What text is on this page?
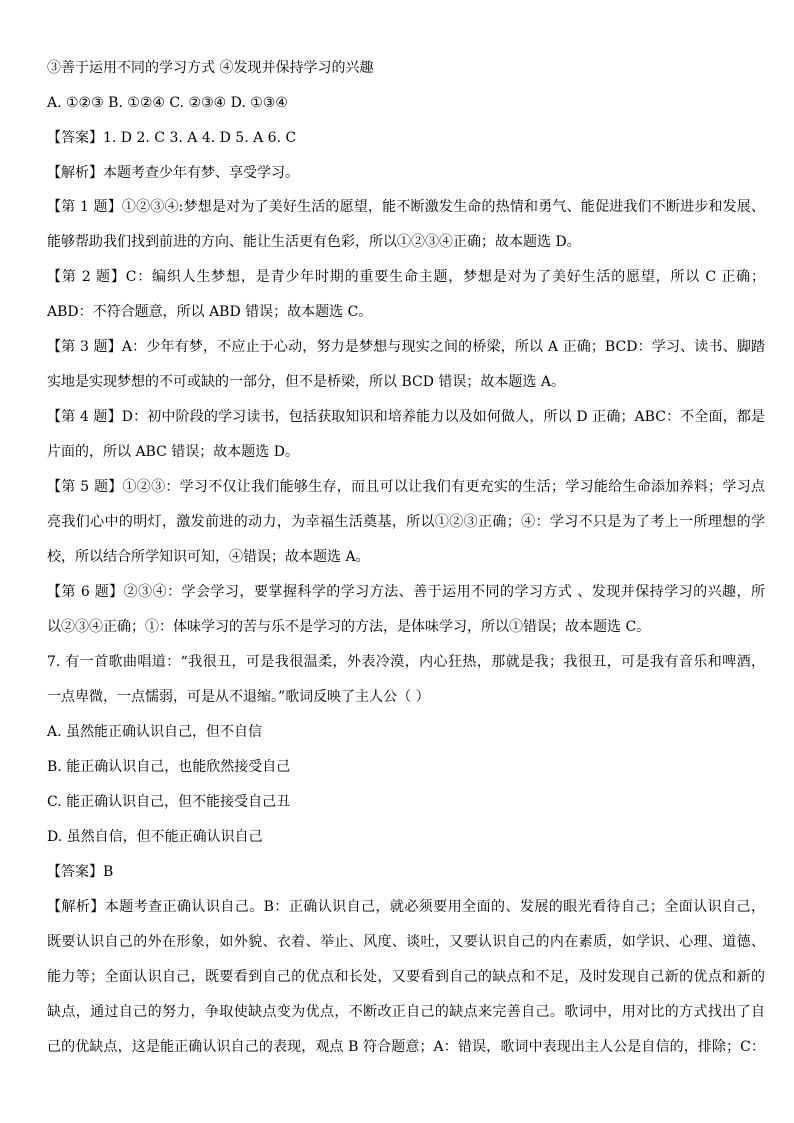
③善于运用不同的学习方式 ④发现并保持学习的兴趣
A. ①②③ B. ①②④ C. ②③④ D. ①③④
【答案】1. D 2. C 3. A 4. D 5. A 6. C
【解析】本题考查少年有梦、享受学习。
【第 1 题】①②③④:梦想是对为了美好生活的愿望，能不断激发生命的热情和勇气、能促进我们不断进步和发展、
能够帮助我们找到前进的方向、能让生活更有色彩，所以①②③④正确；故本题选 D。
【第 2 题】C：编织人生梦想，是青少年时期的重要生命主题，梦想是对为了美好生活的愿望，所以 C 正确；
ABD：不符合题意，所以 ABD 错误；故本题选 C。
【第 3 题】A：少年有梦，不应止于心动，努力是梦想与现实之间的桥梁，所以 A 正确；BCD：学习、读书、脚踏
实地是实现梦想的不可或缺的一部分，但不是桥梁，所以 BCD 错误；故本题选 A。
【第 4 题】D：初中阶段的学习读书，包括获取知识和培养能力以及如何做人，所以 D 正确；ABC：不全面，都是
片面的，所以 ABC 错误；故本题选 D。
【第 5 题】①②③：学习不仅让我们能够生存，而且可以让我们有更充实的生活；学习能给生命添加养料；学习点
亮我们心中的明灯，激发前进的动力，为幸福生活奠基，所以①②③正确；④：学习不只是为了考上一所理想的学
校，所以结合所学知识可知，④错误；故本题选 A。
【第 6 题】②③④：学会学习，要掌握科学的学习方法、善于运用不同的学习方式 、发现并保持学习的兴趣，所
以②③④正确；①：体味学习的苦与乐不是学习的方法，是体味学习，所以①错误；故本题选 C。
7. 有一首歌曲唱道：“我很丑，可是我很温柔，外表冷漠，内心狂热，那就是我；我很丑，可是我有音乐和啤酒，
一点卑微，一点懦弱，可是从不退缩。”歌词反映了主人公（ ）
A. 虽然能正确认识自己，但不自信
B. 能正确认识自己，也能欣然接受自己
C. 能正确认识自己，但不能接受自己丑
D. 虽然自信，但不能正确认识自己
【答案】B
【解析】本题考查正确认识自己。B：正确认识自己，就必须要用全面的、发展的眼光看待自己；全面认识自己，
既要认识自己的外在形象，如外貌、衣着、举止、风度、谈吐，又要认识自己的内在素质，如学识、心理、道德、
能力等；全面认识自己，既要看到自己的优点和长处，又要看到自己的缺点和不足，及时发现自己新的优点和新的
缺点，通过自己的努力，争取使缺点变为优点，不断改正自己的缺点来完善自己。歌词中，用对比的方式找出了自
己的优缺点，这是能正确认识自己的表现，观点 B 符合题意；A：错误，歌词中表现出主人公是自信的，排除；C：
